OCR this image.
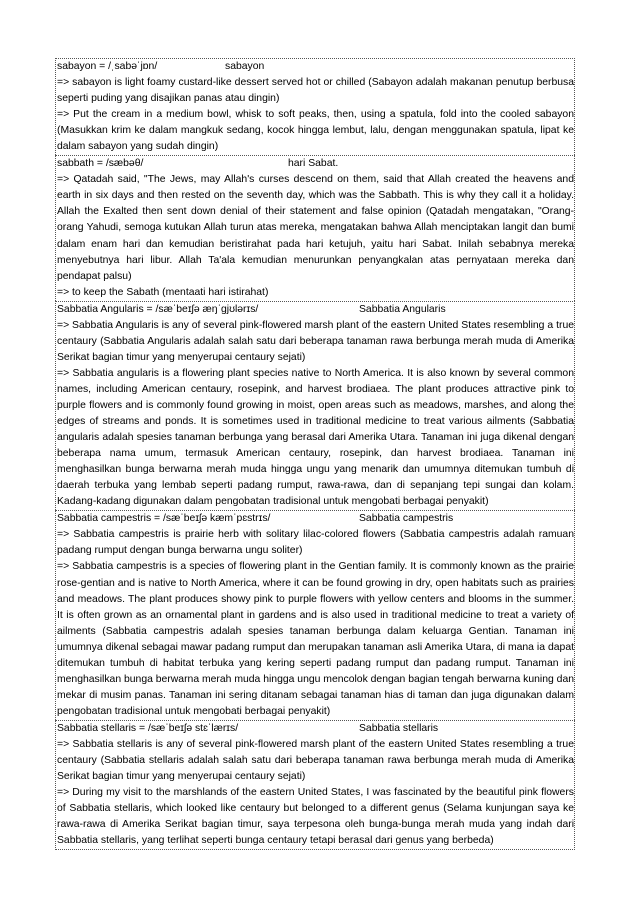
sabayon = /ˌsabəˈjɒn/	sabayon

=> sabayon is light foamy custard-like dessert served hot or chilled (Sabayon adalah makanan penutup berbusa seperti puding yang disajikan panas atau dingin)

=> Put the cream in a medium bowl, whisk to soft peaks, then, using a spatula, fold into the cooled sabayon (Masukkan krim ke dalam mangkuk sedang, kocok hingga lembut, lalu, dengan menggunakan spatula, lipat ke dalam sabayon yang sudah dingin)

sabbath = /sæbəθ/	hari Sabat.

=> Qatadah said, "The Jews, may Allah's curses descend on them, said that Allah created the heavens and earth in six days and then rested on the seventh day, which was the Sabbath. This is why they call it a holiday. Allah the Exalted then sent down denial of their statement and false opinion (Qatadah mengatakan, "Orang-orang Yahudi, semoga kutukan Allah turun atas mereka, mengatakan bahwa Allah menciptakan langit dan bumi dalam enam hari dan kemudian beristirahat pada hari ketujuh, yaitu hari Sabat. Inilah sebabnya mereka menyebutnya hari libur. Allah Ta'ala kemudian menurunkan penyangkalan atas pernyataan mereka dan pendapat palsu)

=> to keep the Sabath (mentaati hari istirahat)

Sabbatia Angularis = /sæˈbeɪʃə æŋˈɡjʊlərɪs/	Sabbatia Angularis

=> Sabbatia Angularis is any of several pink-flowered marsh plant of the eastern United States resembling a true centaury (Sabbatia Angularis adalah salah satu dari beberapa tanaman rawa berbunga merah muda di Amerika Serikat bagian timur yang menyerupai centaury sejati)

=> Sabbatia angularis is a flowering plant species native to North America. It is also known by several common names, including American centaury, rosepink, and harvest brodiaea. The plant produces attractive pink to purple flowers and is commonly found growing in moist, open areas such as meadows, marshes, and along the edges of streams and ponds. It is sometimes used in traditional medicine to treat various ailments (Sabbatia angularis adalah spesies tanaman berbunga yang berasal dari Amerika Utara. Tanaman ini juga dikenal dengan beberapa nama umum, termasuk American centaury, rosepink, dan harvest brodiaea. Tanaman ini menghasilkan bunga berwarna merah muda hingga ungu yang menarik dan umumnya ditemukan tumbuh di daerah terbuka yang lembab seperti padang rumput, rawa-rawa, dan di sepanjang tepi sungai dan kolam. Kadang-kadang digunakan dalam pengobatan tradisional untuk mengobati berbagai penyakit)

Sabbatia campestris = /sæˈbeɪʃə kæmˈpɛstrɪs/	Sabbatia campestris

=> Sabbatia campestris is prairie herb with solitary lilac-colored flowers (Sabbatia campestris adalah ramuan padang rumput dengan bunga berwarna ungu soliter)

=> Sabbatia campestris is a species of flowering plant in the Gentian family. It is commonly known as the prairie rose-gentian and is native to North America, where it can be found growing in dry, open habitats such as prairies and meadows. The plant produces showy pink to purple flowers with yellow centers and blooms in the summer. It is often grown as an ornamental plant in gardens and is also used in traditional medicine to treat a variety of ailments (Sabbatia campestris adalah spesies tanaman berbunga dalam keluarga Gentian. Tanaman ini umumnya dikenal sebagai mawar padang rumput dan merupakan tanaman asli Amerika Utara, di mana ia dapat ditemukan tumbuh di habitat terbuka yang kering seperti padang rumput dan padang rumput. Tanaman ini menghasilkan bunga berwarna merah muda hingga ungu mencolok dengan bagian tengah berwarna kuning dan mekar di musim panas. Tanaman ini sering ditanam sebagai tanaman hias di taman dan juga digunakan dalam pengobatan tradisional untuk mengobati berbagai penyakit)

Sabbatia stellaris = /sæˈbeɪʃə stɛˈlærɪs/	Sabbatia stellaris

=> Sabbatia stellaris is any of several pink-flowered marsh plant of the eastern United States resembling a true centaury (Sabbatia stellaris adalah salah satu dari beberapa tanaman rawa berbunga merah muda di Amerika Serikat bagian timur yang menyerupai centaury sejati)

=> During my visit to the marshlands of the eastern United States, I was fascinated by the beautiful pink flowers of Sabbatia stellaris, which looked like centaury but belonged to a different genus (Selama kunjungan saya ke rawa-rawa di Amerika Serikat bagian timur, saya terpesona oleh bunga-bunga merah muda yang indah dari Sabbatia stellaris, yang terlihat seperti bunga centaury tetapi berasal dari genus yang berbeda)
